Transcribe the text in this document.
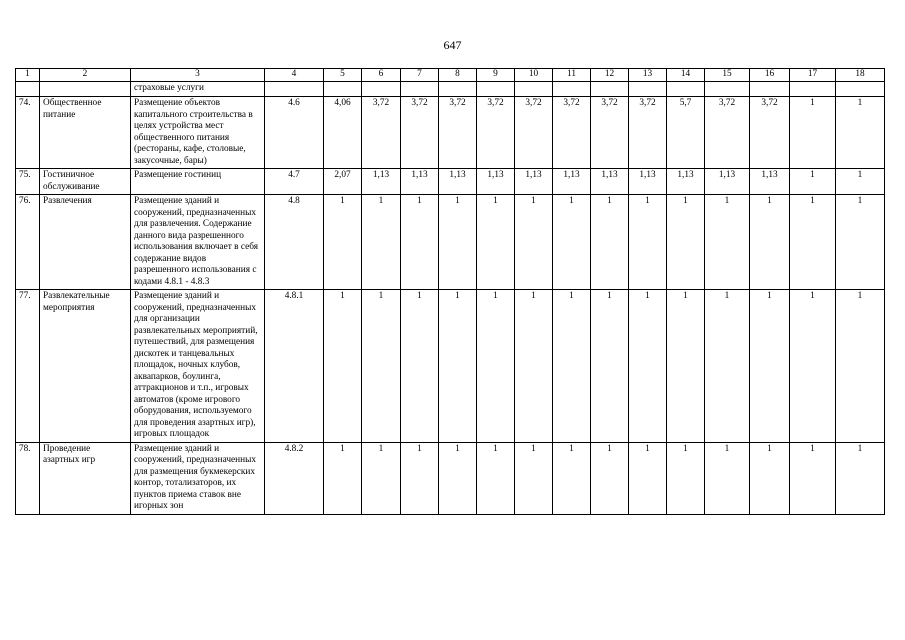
647
1	2	3	4	5	6	7	8	9	10	11	12	13	14	15	16	17	18
		страховые услуги															
74.	Общественное питание	Размещение объектов капитального строительства в целях устройства мест общественного питания (рестораны, кафе, столовые, закусочные, бары)	4.6	4,06	3,72	3,72	3,72	3,72	3,72	3,72	3,72	3,72	5,7	3,72	3,72	1	1
75.	Гостиничное обслуживание	Размещение гостиниц	4.7	2,07	1,13	1,13	1,13	1,13	1,13	1,13	1,13	1,13	1,13	1,13	1,13	1	1
76.	Развлечения	Размещение зданий и сооружений, предназначенных для развлечения. Содержание данного вида разрешенного использования включает в себя содержание видов разрешенного использования с кодами 4.8.1 - 4.8.3	4.8	1	1	1	1	1	1	1	1	1	1	1	1	1	1
77.	Развлекательные мероприятия	Размещение зданий и сооружений, предназначенных для организации развлекательных мероприятий, путешествий, для размещения дискотек и танцевальных площадок, ночных клубов, аквапарков, боулинга, аттракционов и т.п., игровых автоматов (кроме игрового оборудования, используемого для проведения азартных игр), игровых площадок	4.8.1	1	1	1	1	1	1	1	1	1	1	1	1	1	1
78.	Проведение азартных игр	Размещение зданий и сооружений, предназначенных для размещения букмекерских контор, тотализаторов, их пунктов приема ставок вне игорных зон	4.8.2	1	1	1	1	1	1	1	1	1	1	1	1	1	1
